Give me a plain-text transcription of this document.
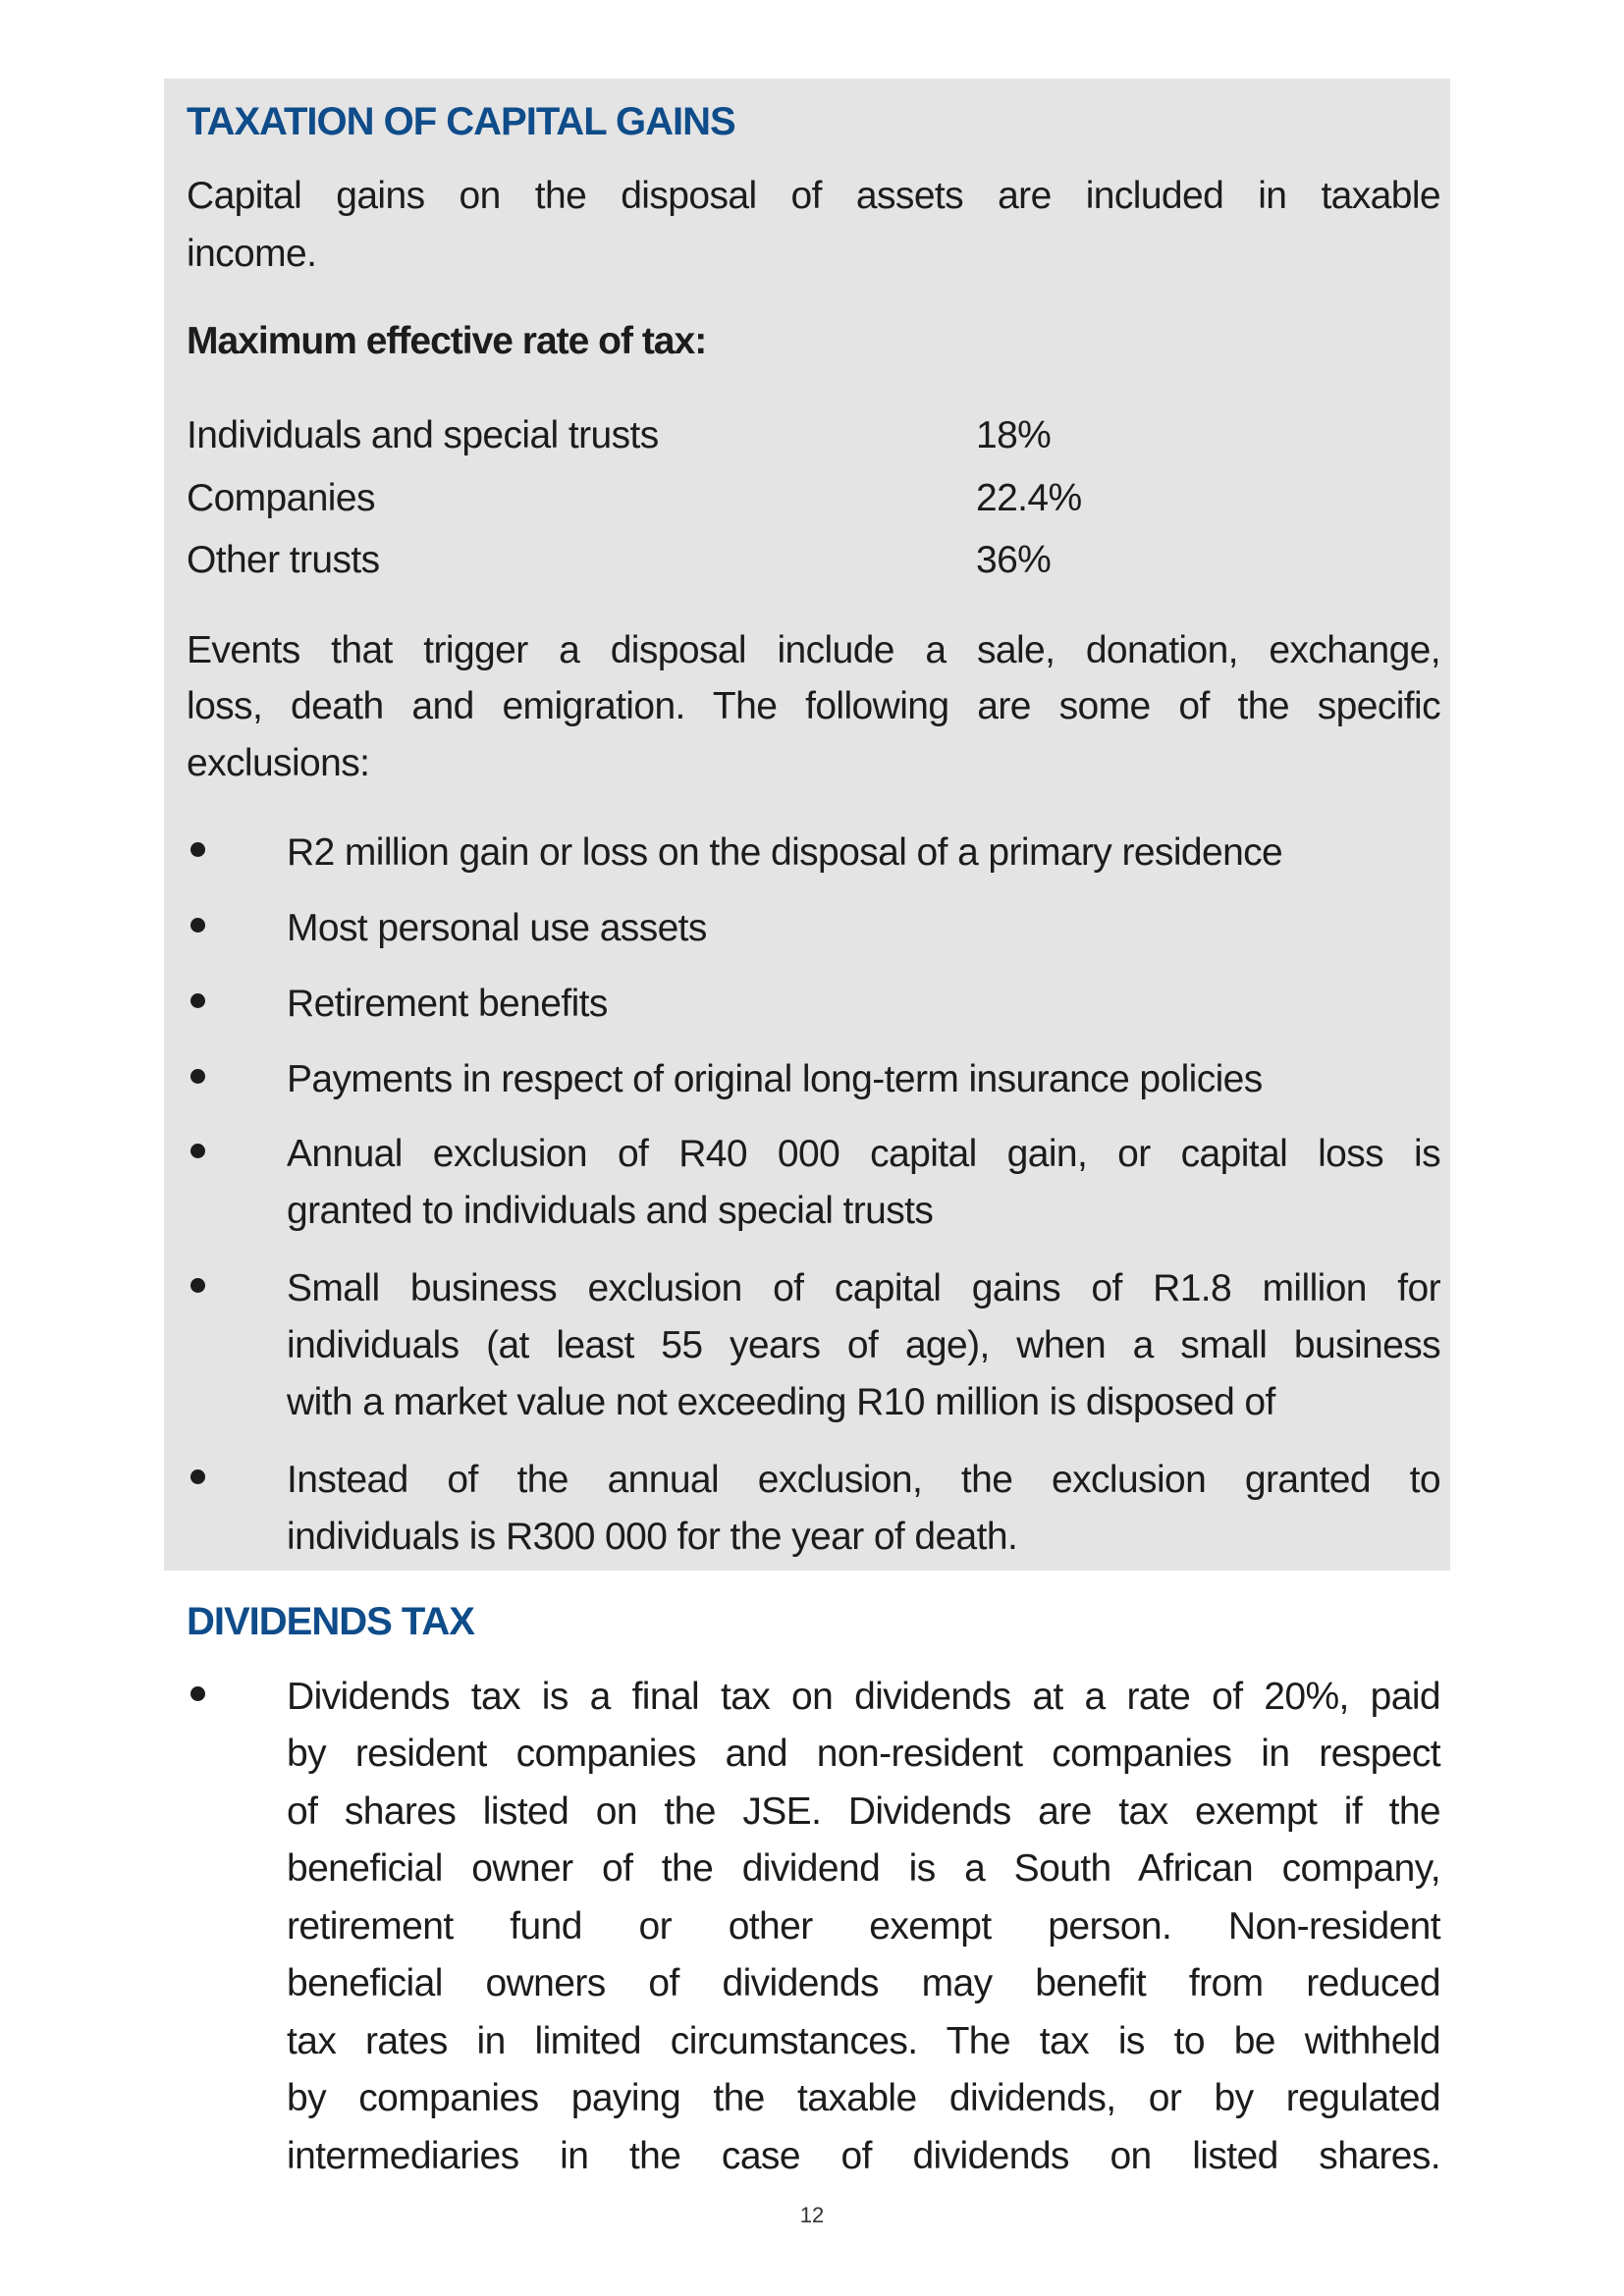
TAXATION OF CAPITAL GAINS
Capital gains on the disposal of assets are included in taxable
income.
Maximum effective rate of tax:
Individuals and special trusts	18%
Companies	22.4%
Other trusts	36%
Events that trigger a disposal include a sale, donation, exchange,
loss, death and emigration. The following are some of the specific
exclusions:
R2 million gain or loss on the disposal of a primary residence
Most personal use assets
Retirement benefits
Payments in respect of original long-term insurance policies
Annual exclusion of R40 000 capital gain, or capital loss is
granted to individuals and special trusts
Small business exclusion of capital gains of R1.8 million for
individuals (at least 55 years of age), when a small business
with a market value not exceeding R10 million is disposed of
Instead of the annual exclusion, the exclusion granted to
individuals is R300 000 for the year of death.
DIVIDENDS TAX
Dividends tax is a final tax on dividends at a rate of 20%, paid
by resident companies and non-resident companies in respect
of shares listed on the JSE. Dividends are tax exempt if the
beneficial owner of the dividend is a South African company,
retirement fund or other exempt person. Non-resident
beneficial owners of dividends may benefit from reduced
tax rates in limited circumstances. The tax is to be withheld
by companies paying the taxable dividends, or by regulated
intermediaries in the case of dividends on listed shares.
12
